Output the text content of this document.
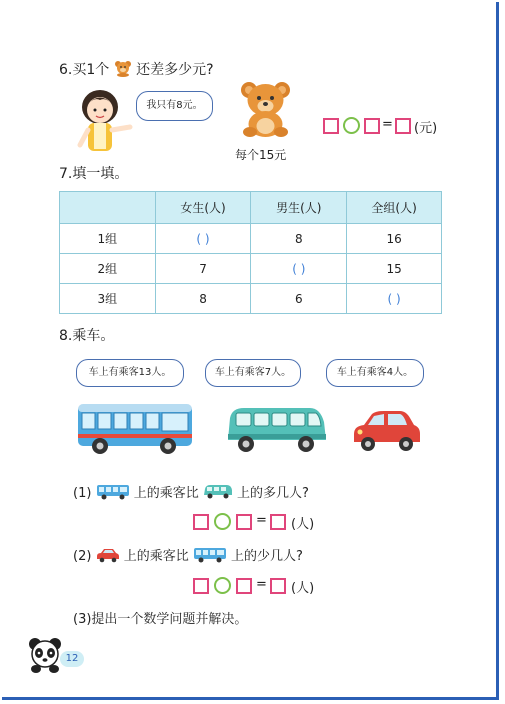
6.买1个 还差多少元?
我只有8元。
每个15元
= (元)
7.填一填。
	女生(人)	男生(人)	全组(人)
1组	( )	8	16
2组	7	( )	15
3组	8	6	( )
8.乘车。
车上有乘客13人。	车上有乘客7人。	车上有乘客4人。
(1)	上的乘客比	上的多几人?
= (人)
(2) 上的乘客比	上的少几人?
= (人)
(3)提出一个数学问题并解决。
12
